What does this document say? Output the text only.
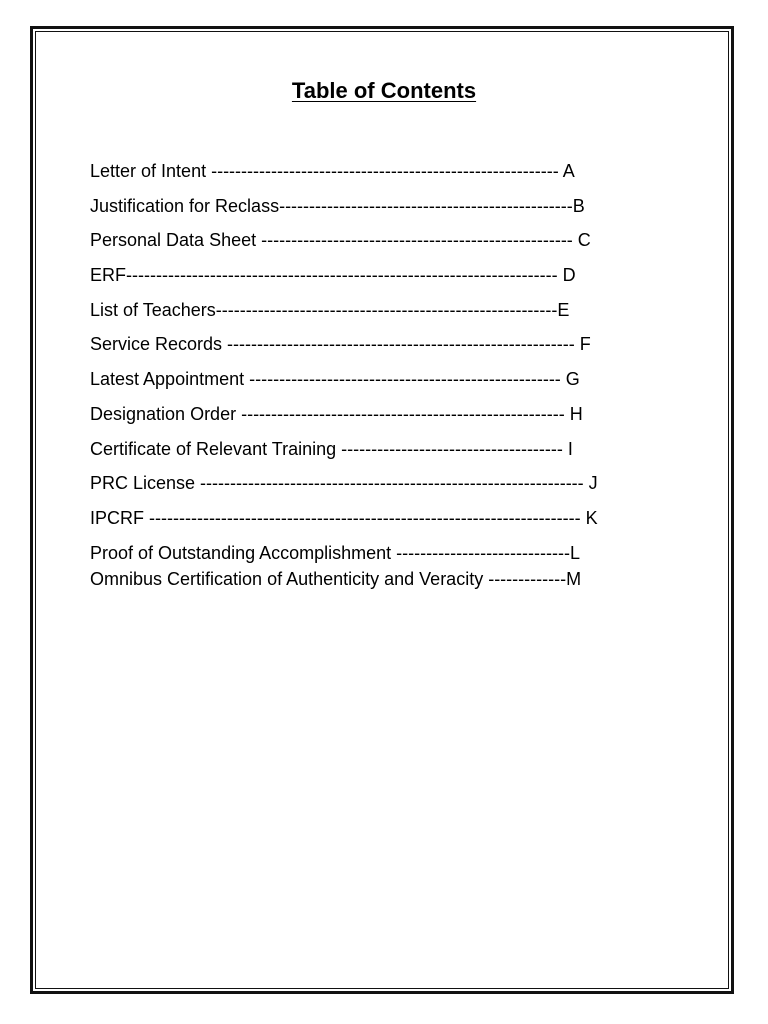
Table of Contents
Letter of Intent ---------------------------------------------------------- A
Justification for Reclass-------------------------------------------------B
Personal Data Sheet ---------------------------------------------------- C
ERF------------------------------------------------------------------------ D
List of Teachers---------------------------------------------------------E
Service Records ---------------------------------------------------------- F
Latest Appointment ---------------------------------------------------- G
Designation Order ------------------------------------------------------ H
Certificate of Relevant Training ------------------------------------- I
PRC License ---------------------------------------------------------------- J
IPCRF ------------------------------------------------------------------------ K
Proof of Outstanding Accomplishment -----------------------------L
Omnibus Certification of Authenticity and Veracity -------------M
